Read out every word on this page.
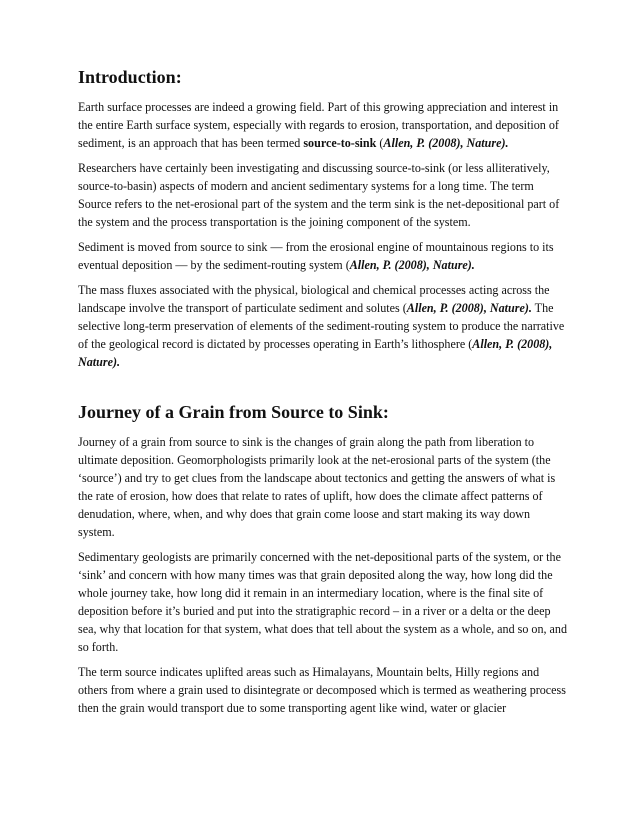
Introduction:

Earth surface processes are indeed a growing field. Part of this growing appreciation and interest in the entire Earth surface system, especially with regards to erosion, transportation, and deposition of sediment, is an approach that has been termed source-to-sink (Allen, P. (2008), Nature).

Researchers have certainly been investigating and discussing source-to-sink (or less alliteratively, source-to-basin) aspects of modern and ancient sedimentary systems for a long time. The term Source refers to the net-erosional part of the system and the term sink is the net-depositional part of the system and the process transportation is the joining component of the system.

Sediment is moved from source to sink — from the erosional engine of mountainous regions to its eventual deposition — by the sediment-routing system (Allen, P. (2008), Nature).

The mass fluxes associated with the physical, biological and chemical processes acting across the landscape involve the transport of particulate sediment and solutes (Allen, P. (2008), Nature). The selective long-term preservation of elements of the sediment-routing system to produce the narrative of the geological record is dictated by processes operating in Earth’s lithosphere (Allen, P. (2008), Nature).

Journey of a Grain from Source to Sink:

Journey of a grain from source to sink is the changes of grain along the path from liberation to ultimate deposition. Geomorphologists primarily look at the net-erosional parts of the system (the ‘source’) and try to get clues from the landscape about tectonics and getting the answers of what is the rate of erosion, how does that relate to rates of uplift, how does the climate affect patterns of denudation, where, when, and why does that grain come loose and start making its way down system.

Sedimentary geologists are primarily concerned with the net-depositional parts of the system, or the ‘sink’ and concern with how many times was that grain deposited along the way, how long did the whole journey take, how long did it remain in an intermediary location, where is the final site of deposition before it’s buried and put into the stratigraphic record – in a river or a delta or the deep sea, why that location for that system, what does that tell about the system as a whole, and so on, and so forth.

The term source indicates uplifted areas such as Himalayans, Mountain belts, Hilly regions and others from where a grain used to disintegrate or decomposed which is termed as weathering process then the grain would transport due to some transporting agent like wind, water or glacier
